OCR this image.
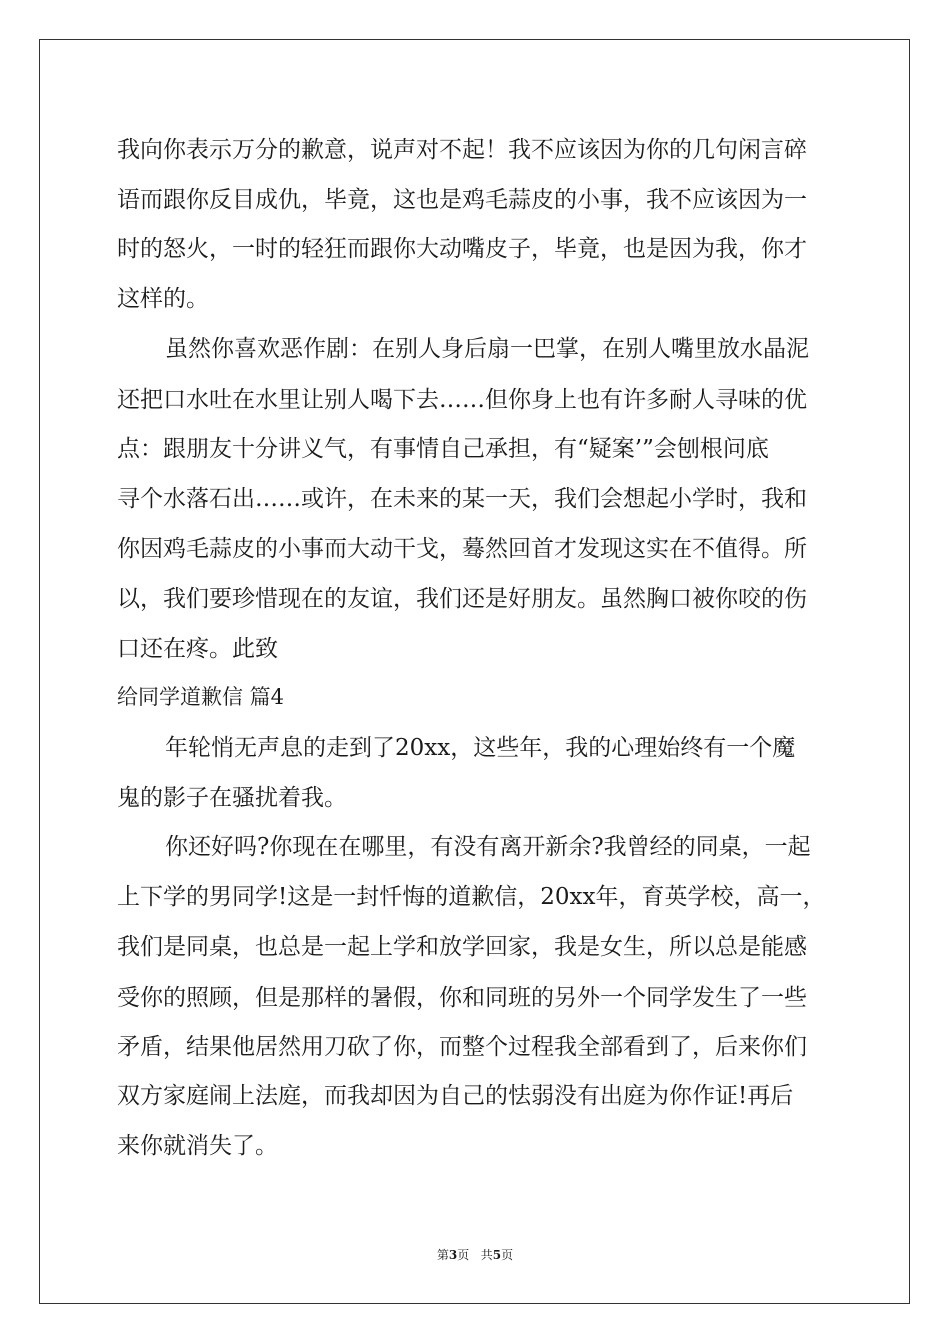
我向你表示万分的歉意，说声对不起！我不应该因为你的几句闲言碎
语而跟你反目成仇，毕竟，这也是鸡毛蒜皮的小事，我不应该因为一
时的怒火，一时的轻狂而跟你大动嘴皮子，毕竟，也是因为我，你才
这样的。
虽然你喜欢恶作剧：在别人身后扇一巴掌，在别人嘴里放水晶泥
还把口水吐在水里让别人喝下去……但你身上也有许多耐人寻味的优
点：跟朋友十分讲义气，有事情自己承担，有“疑案’”会刨根问底
寻个水落石出……或许，在未来的某一天，我们会想起小学时，我和
你因鸡毛蒜皮的小事而大动干戈，蓦然回首才发现这实在不值得。所
以，我们要珍惜现在的友谊，我们还是好朋友。虽然胸口被你咬的伤
口还在疼。此致
给同学道歉信 篇4
年轮悄无声息的走到了20xx，这些年，我的心理始终有一个魔
鬼的影子在骚扰着我。
你还好吗?你现在在哪里，有没有离开新余?我曾经的同桌，一起
上下学的男同学!这是一封忏悔的道歉信，20xx年，育英学校，高一，
我们是同桌，也总是一起上学和放学回家，我是女生，所以总是能感
受你的照顾，但是那样的暑假，你和同班的另外一个同学发生了一些
矛盾，结果他居然用刀砍了你，而整个过程我全部看到了，后来你们
双方家庭闹上法庭，而我却因为自己的怯弱没有出庭为你作证!再后
来你就消失了。
第3页   共5页
